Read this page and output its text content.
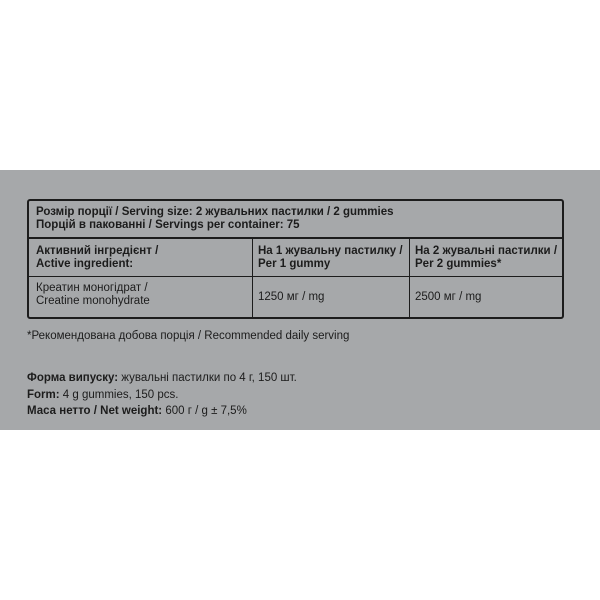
Розмір порції / Serving size: 2 жувальних пастилки / 2 gummies
Порцій в пакованні / Servings per container: 75
Активний інгредієнт /
Active ingredient:
На 1 жувальну пастилку /
Per 1 gummy
На 2 жувальні пастилки /
Per 2 gummies*
Креатин моногідрат /
Creatine monohydrate	1250 мг / mg	2500 мг / mg
*Рекомендована добова порція / Recommended daily serving
Форма випуску: жувальні пастилки по 4 г, 150 шт.
Form: 4 g gummies, 150 pcs.
Маса нетто / Net weight: 600 г / g ± 7,5%
